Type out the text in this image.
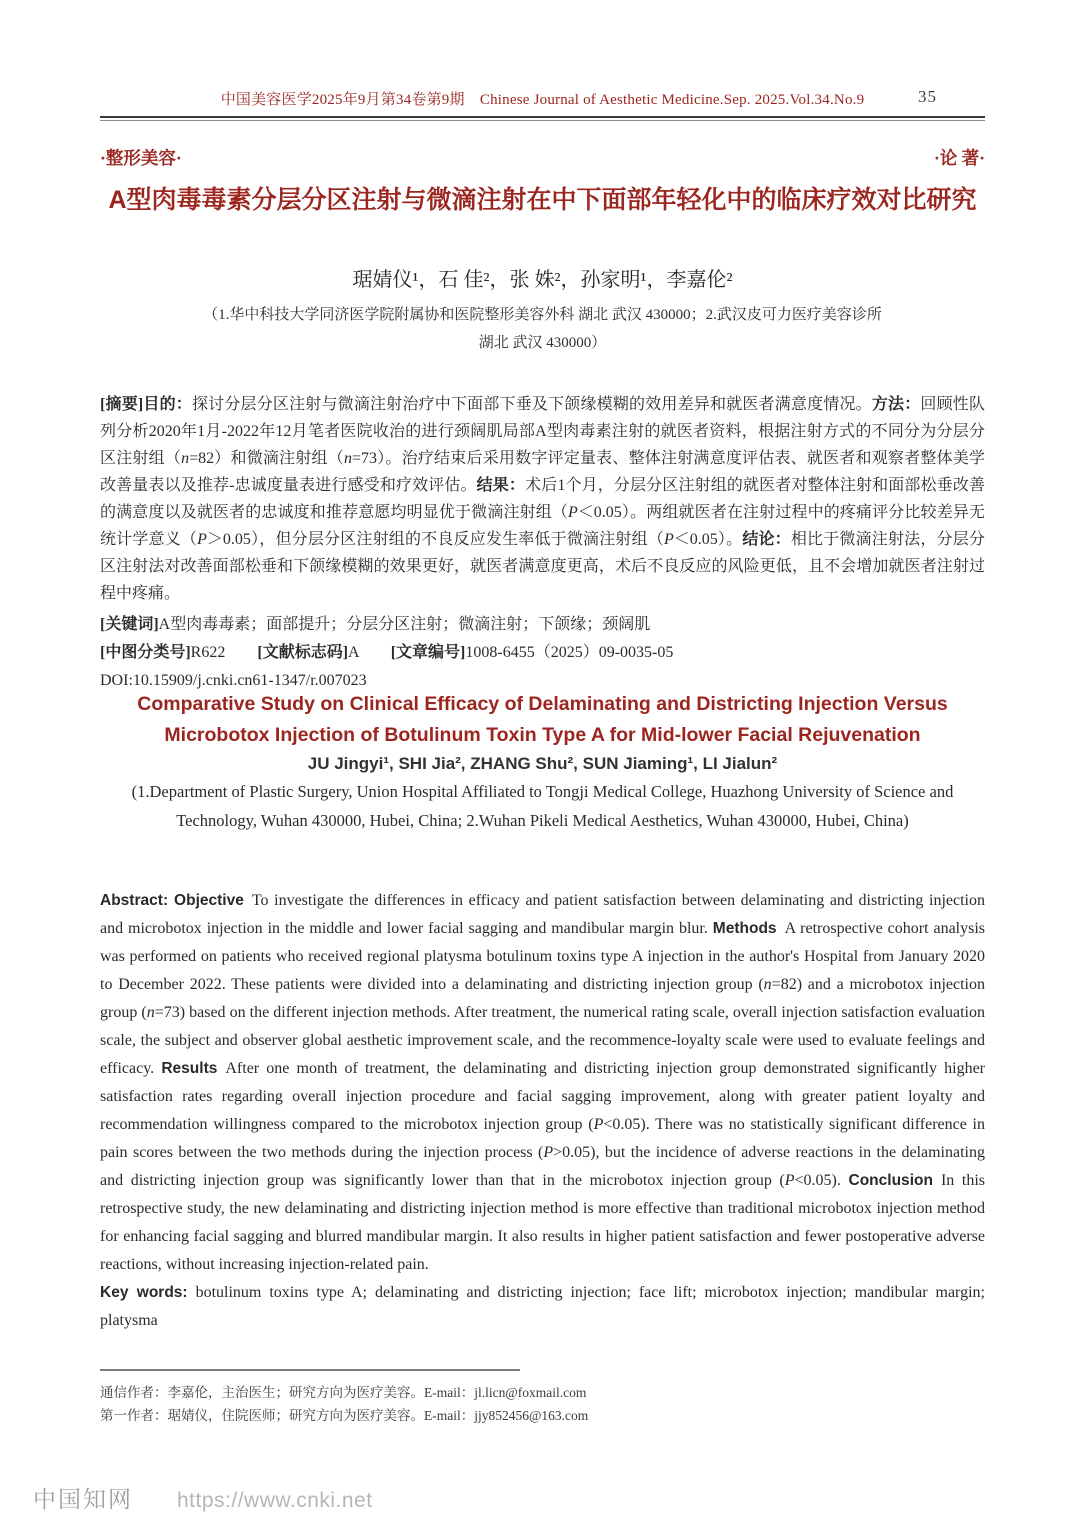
中国美容医学2025年9月第34卷第9期　Chinese Journal of Aesthetic Medicine.Sep. 2025.Vol.34.No.9	35
·整形美容·	·论 著·
A型肉毒毒素分层分区注射与微滴注射在中下面部年轻化中的临床疗效对比研究
琚婧仪¹，石 佳²，张 姝²，孙家明¹，李嘉伦²
（1.华中科技大学同济医学院附属协和医院整形美容外科 湖北 武汉 430000；2.武汉皮可力医疗美容诊所
湖北 武汉 430000）

[摘要]目的：探讨分层分区注射与微滴注射治疗中下面部下垂及下颌缘模糊的效用差异和就医者满意度情况。方法：回顾性队列分析2020年1月-2022年12月笔者医院收治的进行颈阔肌局部A型肉毒素注射的就医者资料，根据注射方式的不同分为分层分区注射组（n=82）和微滴注射组（n=73）。治疗结束后采用数字评定量表、整体注射满意度评估表、就医者和观察者整体美学改善量表以及推荐-忠诚度量表进行感受和疗效评估。结果：术后1个月，分层分区注射组的就医者对整体注射和面部松垂改善的满意度以及就医者的忠诚度和推荐意愿均明显优于微滴注射组（P＜0.05）。两组就医者在注射过程中的疼痛评分比较差异无统计学意义（P＞0.05），但分层分区注射组的不良反应发生率低于微滴注射组（P＜0.05）。结论：相比于微滴注射法，分层分区注射法对改善面部松垂和下颌缘模糊的效果更好，就医者满意度更高，术后不良反应的风险更低，且不会增加就医者注射过程中疼痛。

[关键词]A型肉毒毒素；面部提升；分层分区注射；微滴注射；下颌缘；颈阔肌

[中图分类号]R622　　[文献标志码]A　　[文章编号]1008-6455（2025）09-0035-05

DOI:10.15909/j.cnki.cn61-1347/r.007023

Comparative Study on Clinical Efficacy of Delaminating and Districting Injection Versus Microbotox Injection of Botulinum Toxin Type A for Mid-lower Facial Rejuvenation
JU Jingyi¹, SHI Jia², ZHANG Shu², SUN Jiaming¹, LI Jialun²
(1.Department of Plastic Surgery, Union Hospital Affiliated to Tongji Medical College, Huazhong University of Science and Technology, Wuhan 430000, Hubei, China; 2.Wuhan Pikeli Medical Aesthetics, Wuhan 430000, Hubei, China)

Abstract: Objective To investigate the differences in efficacy and patient satisfaction between delaminating and districting injection and microbotox injection in the middle and lower facial sagging and mandibular margin blur. Methods A retrospective cohort analysis was performed on patients who received regional platysma botulinum toxins type A injection in the author's Hospital from January 2020 to December 2022. These patients were divided into a delaminating and districting injection group (n=82) and a microbotox injection group (n=73) based on the different injection methods. After treatment, the numerical rating scale, overall injection satisfaction evaluation scale, the subject and observer global aesthetic improvement scale, and the recommence-loyalty scale were used to evaluate feelings and efficacy. Results After one month of treatment, the delaminating and districting injection group demonstrated significantly higher satisfaction rates regarding overall injection procedure and facial sagging improvement, along with greater patient loyalty and recommendation willingness compared to the microbotox injection group (P<0.05). There was no statistically significant difference in pain scores between the two methods during the injection process (P>0.05), but the incidence of adverse reactions in the delaminating and districting injection group was significantly lower than that in the microbotox injection group (P<0.05). Conclusion In this retrospective study, the new delaminating and districting injection method is more effective than traditional microbotox injection method for enhancing facial sagging and blurred mandibular margin. It also results in higher patient satisfaction and fewer postoperative adverse reactions, without increasing injection-related pain.

Key words: botulinum toxins type A; delaminating and districting injection; face lift; microbotox injection; mandibular margin; platysma

通信作者：李嘉伦，主治医生；研究方向为医疗美容。E-mail：jl.licn@foxmail.com
第一作者：琚婧仪，住院医师；研究方向为医疗美容。E-mail：jjy852456@163.com
中国知网 https://www.cnki.net
